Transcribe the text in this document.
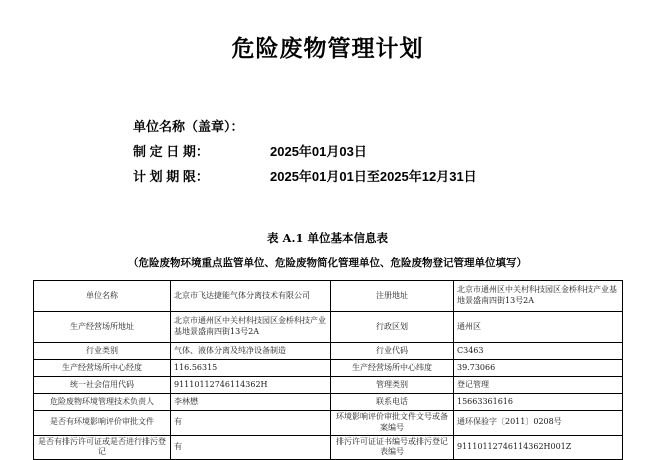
危险废物管理计划
单位名称（盖章）：
制 定 日 期：	2025年01月03日
计 划 期 限：	2025年01月01日至2025年12月31日
表 A.1 单位基本信息表
（危险废物环境重点监管单位、危险废物简化管理单位、危险废物登记管理单位填写）
单位名称	北京市飞达捷能气体分离技术有限公司	注册地址	北京市通州区中关村科技园区金桥科技产业基地景盛南四街13号2A
生产经营场所地址	北京市通州区中关村科技园区金桥科技产业基地景盛南四街13号2A	行政区划	通州区
行业类别	气体、液体分离及纯净设备制造	行业代码	C3463
生产经营场所中心经度	116.56315	生产经营场所中心纬度	39.73066
统一社会信用代码	91110112746114362H	管理类别	登记管理
危险废物环境管理技术负责人	李林懋	联系电话	15663361616
是否有环境影响评价审批文件	有	环境影响评价审批文件文号或备案编号	通环保验字〔2011〕0208号
是否有排污许可证或是否进行排污登记	有	排污许可证证书编号或排污登记表编号	91110112746114362H001Z
